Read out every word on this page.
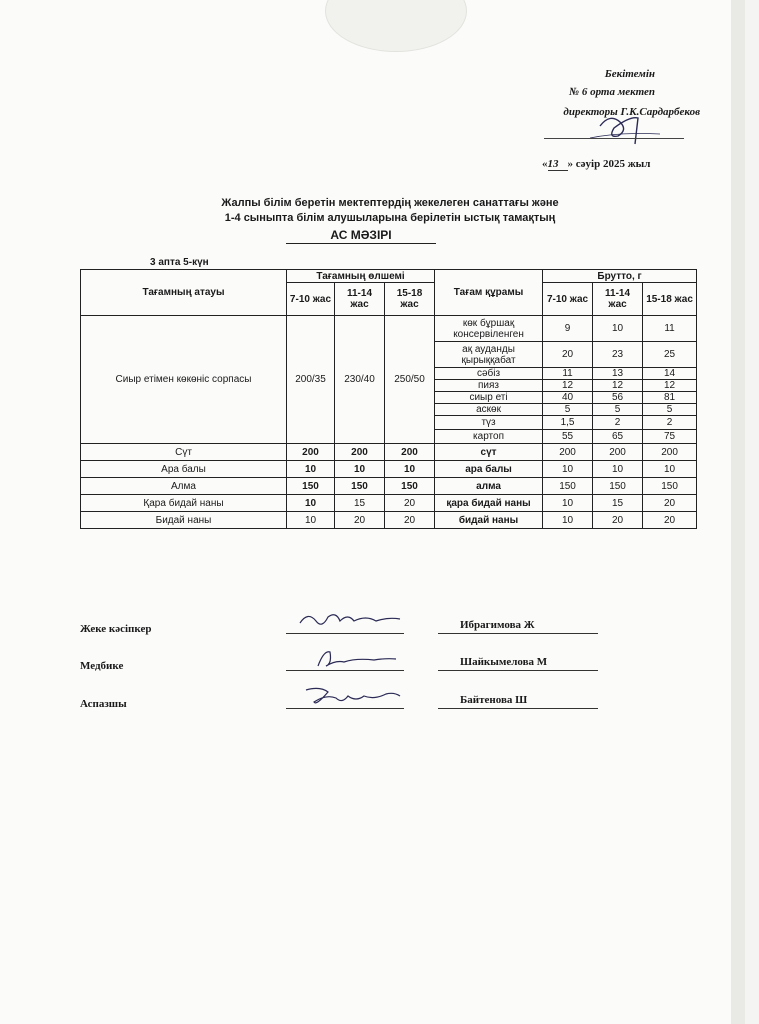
Бекітемін
№ 6 орта мектеп
директоры Г.К.Сардарбеков
«13 » сәуір 2025 жыл
Жалпы білім беретін мектептердің жекелеген санаттағы және
1-4 сыныпта білім алушыларына берілетін ыстық тамақтың
АС МӘЗІРІ
3 апта 5-күн
Тағамның атауы	Тағамның өлшемі			Тағам құрамы	Брутто, г		
	7-10 жас	11-14 жас	15-18 жас		7-10 жас	11-14 жас	15-18 жас
Сиыр етімен көкөніс сорпасы	200/35	230/40	250/50	көк бұршақ консервіленген	9	10	11
				ақ ауданды қырыққабат	20	23	25
				сәбіз	11	13	14
				пияз	12	12	12
				сиыр еті	40	56	81
				аскөк	5	5	5
				түз	1,5	2	2
				картоп	55	65	75
Сүт	200	200	200	сүт	200	200	200
Ара балы	10	10	10	ара балы	10	10	10
Алма	150	150	150	алма	150	150	150
Қара бидай наны	10	15	20	қара бидай наны	10	15	20
Бидай наны	10	20	20	бидай наны	10	20	20
Жеке кәсіпкер	Ибрагимова Ж
Медбике	Шайкымелова М
Аспазшы	Байтенова Ш
